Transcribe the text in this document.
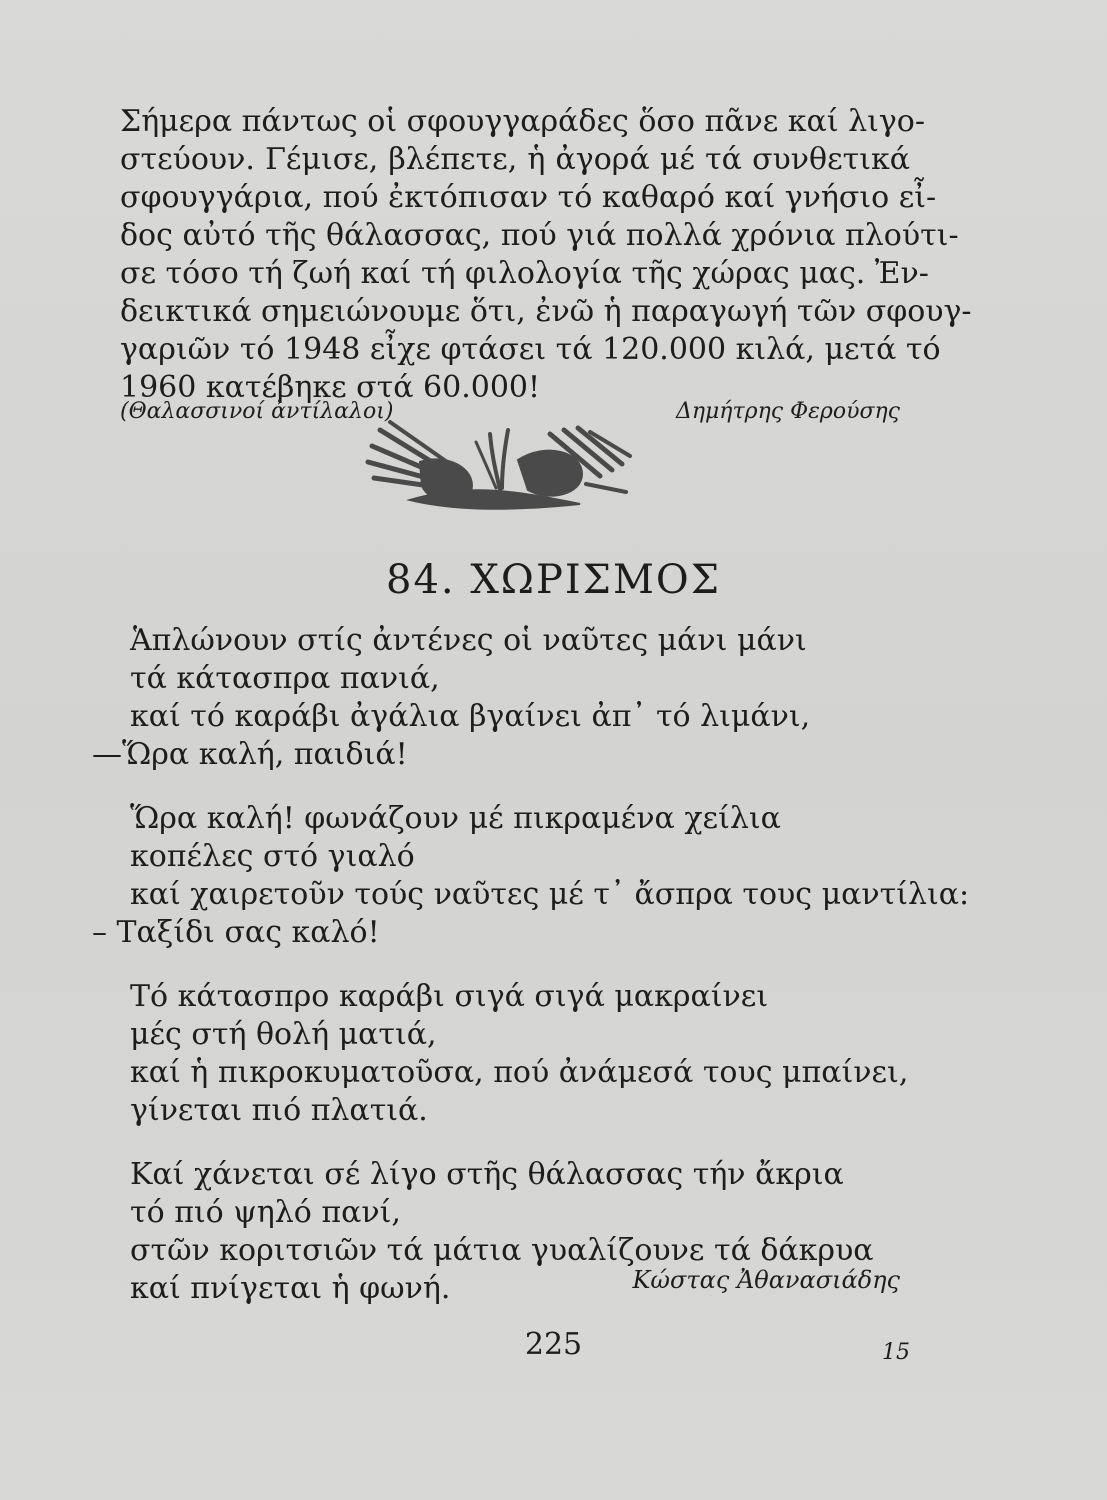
Σήμερα πάντως οἱ σφουγγαράδες ὅσο πᾶνε καί λιγο-
στεύουν. Γέμισε, βλέπετε, ἡ ἀγορά μέ τά συνθετικά
σφουγγάρια, πού ἐκτόπισαν τό καθαρό καί γνήσιο εἶ-
δος αὐτό τῆς θάλασσας, πού γιά πολλά χρόνια πλούτι-
σε τόσο τή ζωή καί τή φιλολογία τῆς χώρας μας. Ἐν-
δεικτικά σημειώνουμε ὅτι, ἐνῶ ἡ παραγωγή τῶν σφουγ-
γαριῶν τό 1948 εἶχε φτάσει τά 120.000 κιλά, μετά τό
1960 κατέβηκε στά 60.000!
(Θαλασσινοί ἀντίλαλοι)	Δημήτρης Φερούσης
84. ΧΩΡΙΣΜΟΣ
Ἁπλώνουν στίς ἀντένες οἱ ναῦτες μάνι μάνι
τά κάτασπρα πανιά,
καί τό καράβι ἀγάλια βγαίνει ἀπ᾿ τό λιμάνι,
—Ὥρα καλή, παιδιά!
Ὥρα καλή! φωνάζουν μέ πικραμένα χείλια
κοπέλες στό γιαλό
καί χαιρετοῦν τούς ναῦτες μέ τ᾿ ἄσπρα τους μαντίλια:
– Ταξίδι σας καλό!
Τό κάτασπρο καράβι σιγά σιγά μακραίνει
μές στή θολή ματιά,
καί ἡ πικροκυματοῦσα, πού ἀνάμεσά τους μπαίνει,
γίνεται πιό πλατιά.
Καί χάνεται σέ λίγο στῆς θάλασσας τήν ἄκρια
τό πιό ψηλό πανί,
στῶν κοριτσιῶν τά μάτια γυαλίζουνε τά δάκρυα
καί πνίγεται ἡ φωνή.	Κώστας Ἀθανασιάδης
225	15
